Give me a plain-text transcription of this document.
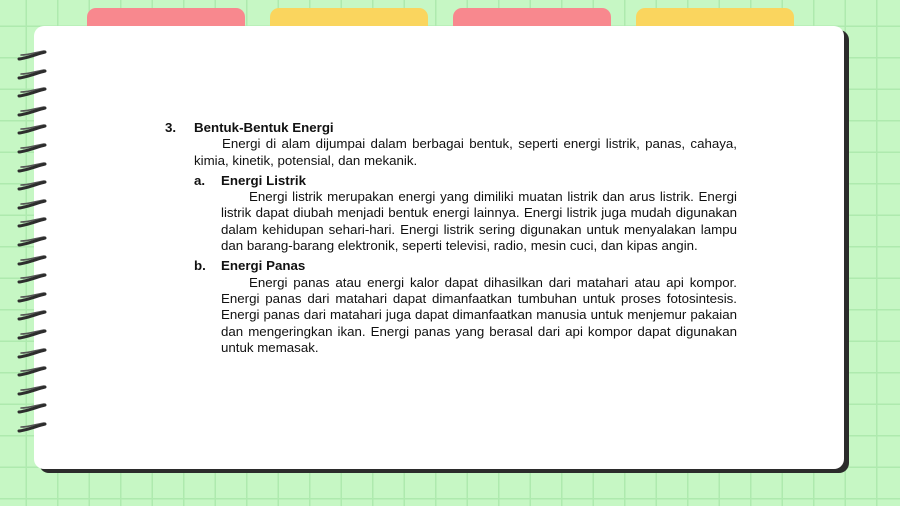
3.	Bentuk-Bentuk Energi

Energi di alam dijumpai dalam berbagai bentuk, seperti energi listrik, panas, cahaya, kimia, kinetik, potensial, dan mekanik.

a.	Energi Listrik

Energi listrik merupakan energi yang dimiliki muatan listrik dan arus listrik. Energi listrik dapat diubah menjadi bentuk energi lainnya. Energi listrik juga mudah digunakan dalam kehidupan sehari-hari. Energi listrik sering digunakan untuk menyalakan lampu dan barang-barang elektronik, seperti televisi, radio, mesin cuci, dan kipas angin.

b.	Energi Panas

Energi panas atau energi kalor dapat dihasilkan dari matahari atau api kompor. Energi panas dari matahari dapat dimanfaatkan tumbuhan untuk proses fotosintesis. Energi panas dari matahari juga dapat dimanfaatkan manusia untuk menjemur pakaian dan mengeringkan ikan. Energi panas yang berasal dari api kompor dapat digunakan untuk memasak.
